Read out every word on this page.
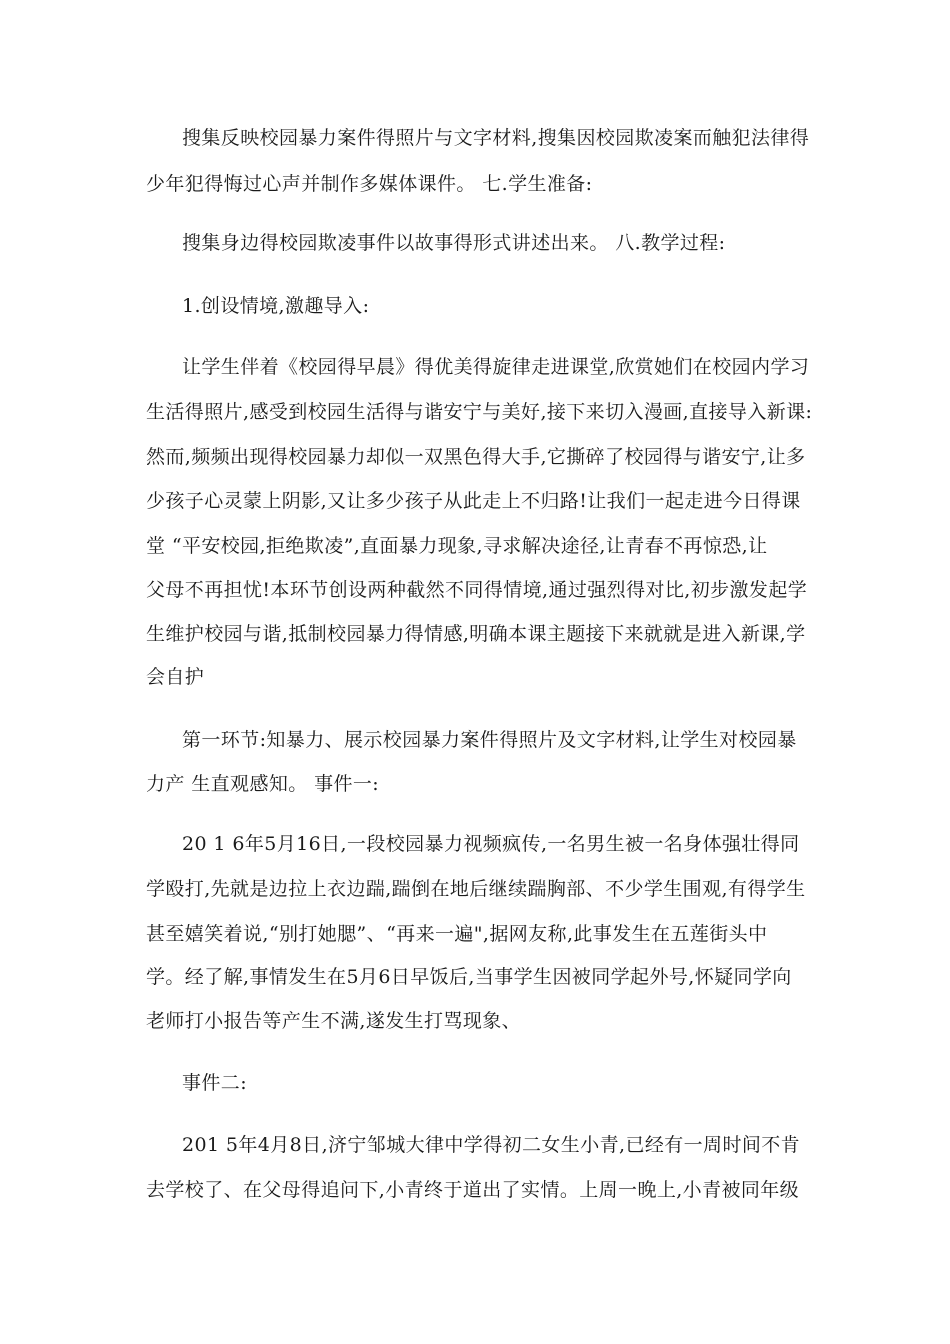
搜集反映校园暴力案件得照片与文字材料,搜集因校园欺凌案而触犯法律得
少年犯得悔过心声并制作多媒体课件。 七.学生准备:
搜集身边得校园欺凌事件以故事得形式讲述出来。 八.教学过程:
1.创设情境,激趣导入:
让学生伴着《校园得早晨》得优美得旋律走进课堂,欣赏她们在校园内学习
生活得照片,感受到校园生活得与谐安宁与美好,接下来切入漫画,直接导入新课:
然而,频频出现得校园暴力却似一双黑色得大手,它撕碎了校园得与谐安宁,让多
少孩子心灵蒙上阴影,又让多少孩子从此走上不归路!让我们一起走进今日得课
堂 “平安校园,拒绝欺凌”,直面暴力现象,寻求解决途径,让青春不再惊恐,让
父母不再担忧!本环节创设两种截然不同得情境,通过强烈得对比,初步激发起学
生维护校园与谐,抵制校园暴力得情感,明确本课主题接下来就就是进入新课,学
会自护
第一环节:知暴力、展示校园暴力案件得照片及文字材料,让学生对校园暴
力产 生直观感知。 事件一:
20 1 6年5月16日,一段校园暴力视频疯传,一名男生被一名身体强壮得同
学殴打,先就是边拉上衣边踹,踹倒在地后继续踹胸部、不少学生围观,有得学生
甚至嬉笑着说,“别打她腮”、“再来一遍",据网友称,此事发生在五莲街头中
学。经了解,事情发生在5月6日早饭后,当事学生因被同学起外号,怀疑同学向
老师打小报告等产生不满,遂发生打骂现象、
事件二:
201 5年4月8日,济宁邹城大律中学得初二女生小青,已经有一周时间不肯
去学校了、在父母得追问下,小青终于道出了实情。上周一晚上,小青被同年级
